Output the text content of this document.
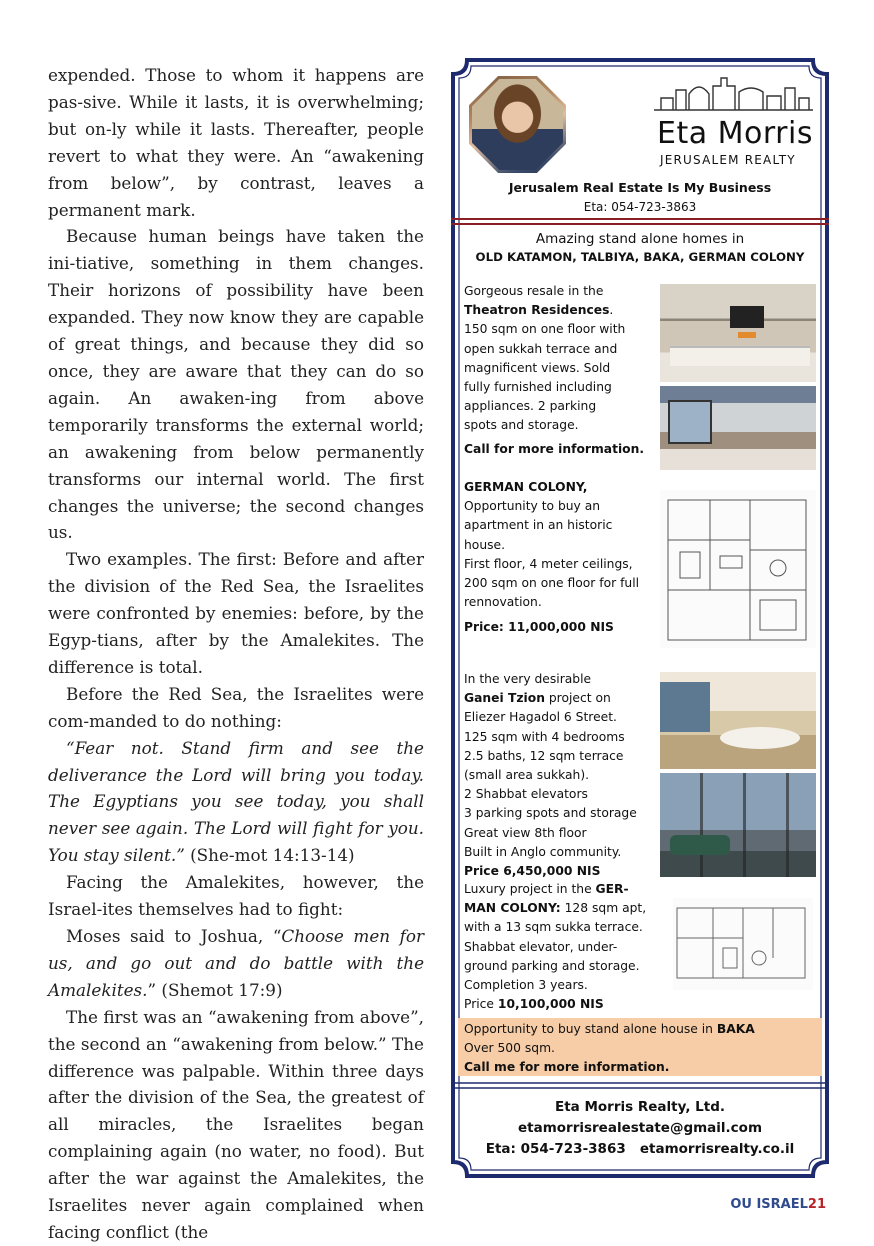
expended. Those to whom it happens are pas-sive. While it lasts, it is overwhelming; but on-ly while it lasts. Thereafter, people revert to what they were. An “awakening from below”, by contrast, leaves a permanent mark.

Because human beings have taken the ini-tiative, something in them changes. Their horizons of possibility have been expanded. They now know they are capable of great things, and because they did so once, they are aware that they can do so again. An awaken-ing from above temporarily transforms the external world; an awakening from below permanently transforms our internal world. The first changes the universe; the second changes us.

Two examples. The first: Before and after the division of the Red Sea, the Israelites were confronted by enemies: before, by the Egyp-tians, after by the Amalekites. The difference is total.

Before the Red Sea, the Israelites were com-manded to do nothing:

“Fear not. Stand firm and see the deliverance the Lord will bring you today. The Egyptians you see today, you shall never see again. The Lord will fight for you. You stay silent.” (She-mot 14:13-14)

Facing the Amalekites, however, the Israel-ites themselves had to fight:

Moses said to Joshua, “Choose men for us, and go out and do battle with the Amalekites.” (Shemot 17:9)

The first was an “awakening from above”, the second an “awakening from below.” The difference was palpable. Within three days after the division of the Sea, the greatest of all miracles, the Israelites began complaining again (no water, no food). But after the war against the Amalekites, the Israelites never again complained when facing conflict (the

Eta Morris
JERUSALEM REALTY
Jerusalem Real Estate Is My Business
Eta: 054-723-3863
Amazing stand alone homes in
OLD KATAMON, TALBIYA, BAKA, GERMAN COLONY
Gorgeous resale in the
Theatron Residences.
150 sqm on one floor with
open sukkah terrace and
magnificent views. Sold
fully furnished including
appliances. 2 parking
spots and storage.
Call for more information.
GERMAN COLONY,
Opportunity to buy an
apartment in an historic
house.
First floor, 4 meter ceilings,
200 sqm on one floor for full
rennovation.
Price: 11,000,000 NIS
In the very desirable
Ganei Tzion project on
Eliezer Hagadol 6 Street.
125 sqm with 4 bedrooms
2.5 baths, 12 sqm terrace
(small area sukkah).
2 Shabbat elevators
3 parking spots and storage
Great view 8th floor
Built in Anglo community.
Price 6,450,000 NIS
Luxury project in the GER-
MAN COLONY: 128 sqm apt,
with a 13 sqm sukka terrace.
Shabbat elevator, under-
ground parking and storage.
Completion 3 years.
Price 10,100,000 NIS
Opportunity to buy stand alone house in BAKA
Over 500 sqm.
Call me for more information.
Eta Morris Realty, Ltd.
etamorrisrealestate@gmail.com
Eta: 054-723-3863 etamorrisrealty.co.il
OU ISRAEL21
